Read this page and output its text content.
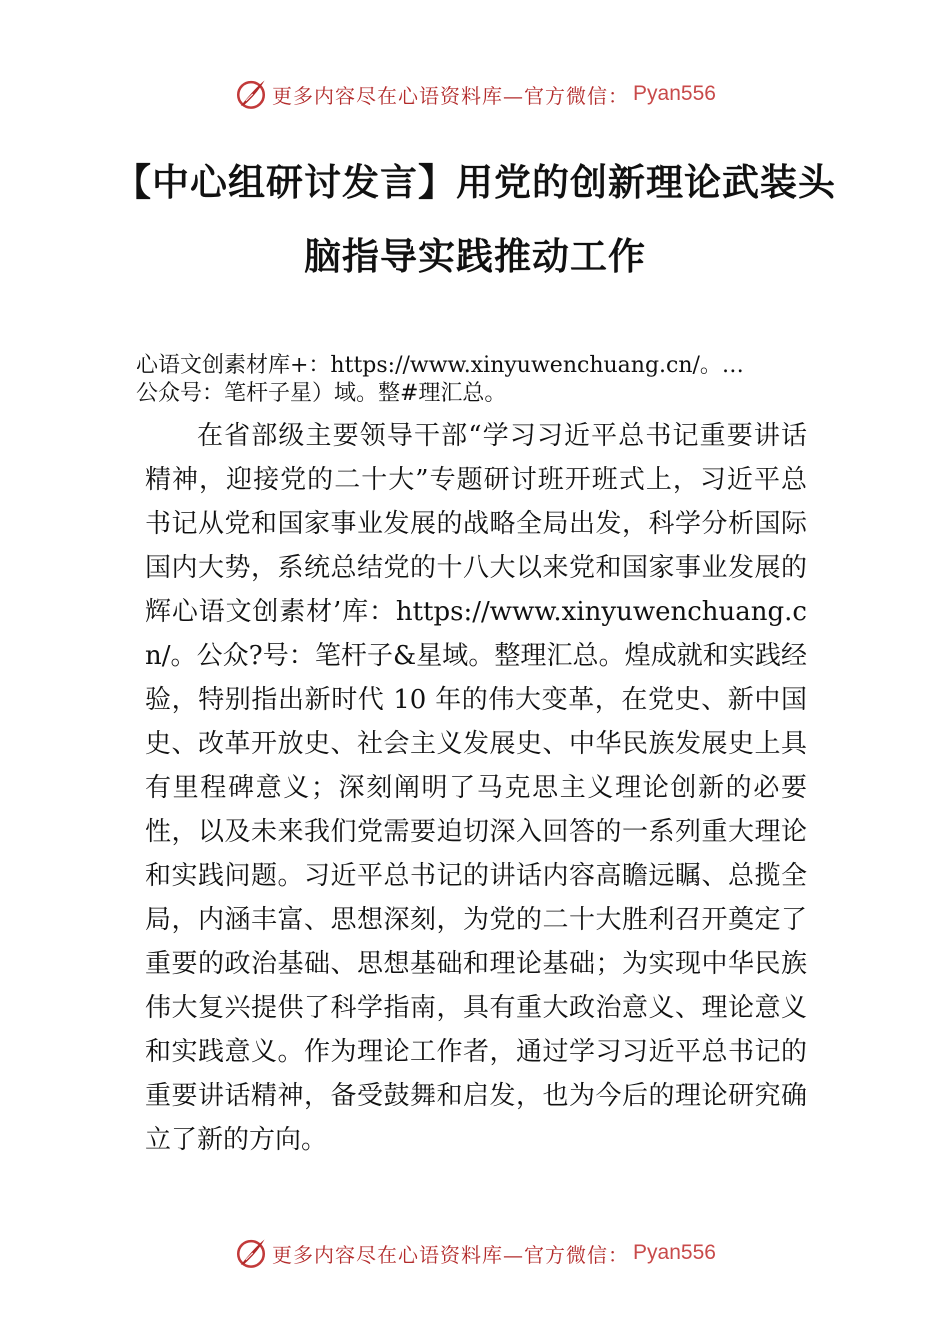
更多内容尽在心语资料库—官方微信： Pyan556
【中心组研讨发言】用党的创新理论武装头
脑指导实践推动工作
心语文创素材库+：https://www.xinyuwenchuang.cn/。…
公众号：笔杆子星）域。整#理汇总。

在省部级主要领导干部“学习习近平总书记重要讲话精神，迎接党的二十大”专题研讨班开班式上，习近平总书记从党和国家事业发展的战略全局出发，科学分析国际国内大势，系统总结党的十八大以来党和国家事业发展的辉心语文创素材’库：https://www.xinyuwenchuang.cn/。公众?号：笔杆子&星域。整理汇总。煌成就和实践经验，特别指出新时代 10 年的伟大变革，在党史、新中国史、改革开放史、社会主义发展史、中华民族发展史上具有里程碑意义；深刻阐明了马克思主义理论创新的必要性，以及未来我们党需要迫切深入回答的一系列重大理论和实践问题。习近平总书记的讲话内容高瞻远瞩、总揽全局，内涵丰富、思想深刻，为党的二十大胜利召开奠定了重要的政治基础、思想基础和理论基础；为实现中华民族伟大复兴提供了科学指南，具有重大政治意义、理论意义和实践意义。作为理论工作者，通过学习习近平总书记的重要讲话精神，备受鼓舞和启发，也为今后的理论研究确立了新的方向。

更多内容尽在心语资料库—官方微信： Pyan556
